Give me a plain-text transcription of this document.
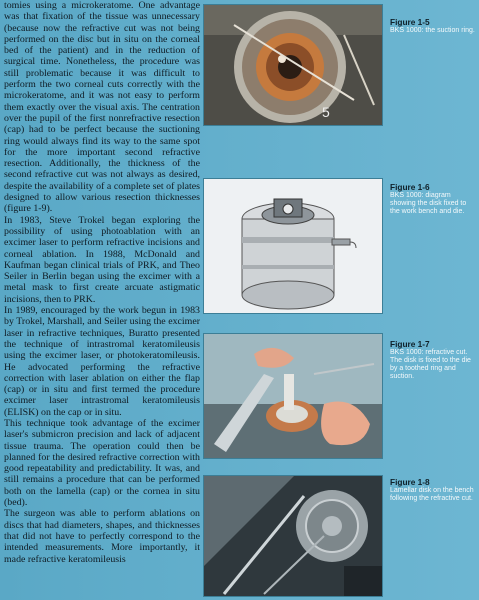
tomies using a microkeratome. One advantage was that fixation of the tissue was unnecessary (because now the refractive cut was not being performed on the disc but in situ on the corneal bed of the patient) and in the reduction of surgical time. Nonetheless, the procedure was still problematic because it was difficult to perform the two corneal cuts correctly with the microkeratome, and it was not easy to perform them exactly over the visual axis. The centration over the pupil of the first nonrefractive resection (cap) had to be perfect because the suctioning ring would always find its way to the same spot for the more important second refractive resection. Additionally, the thickness of the second refractive cut was not always as desired, despite the availability of a complete set of plates designed to allow various resection thicknesses (figure 1-9).

In 1983, Steve Trokel began exploring the possibility of using photoablation with an excimer laser to perform refractive incisions and corneal ablation. In 1988, McDonald and Kaufman began clinical trials of PRK, and Theo Seiler in Berlin began using the excimer with a metal mask to first create arcuate astigmatic incisions, then to PRK.

In 1989, encouraged by the work begun in 1983 by Trokel, Marshall, and Seiler using the excimer laser in refractive techniques, Buratto presented the technique of intrastromal keratomileusis using the excimer laser, or photokeratomileusis. He advocated performing the refractive correction with laser ablation on either the flap (cap) or in situ and first termed the procedure excimer laser intrastromal keratomileusis (ELISK) on the cap or in situ.

This technique took advantage of the excimer laser's submicron precision and lack of adjacent tissue trauma. The operation could then be planned for the desired refractive correction with good repeatability and predictability. It was, and still remains a procedure that can be performed both on the lamella (cap) or the cornea in situ (bed).

The surgeon was able to perform ablations on discs that had diameters, shapes, and thicknesses that did not have to perfectly correspond to the intended measurements. More importantly, it made refractive keratomileusis

5
Figure 1-5
BKS 1000: the suction ring.
Figure 1-6
BKS 1000: diagram showing the disk fixed to the work bench and die.
Figure 1-7
BKS 1000: refractive cut. The disk is fixed to the die by a toothed ring and suction.
Figure 1-8
Lamellar disk on the bench following the refractive cut.
